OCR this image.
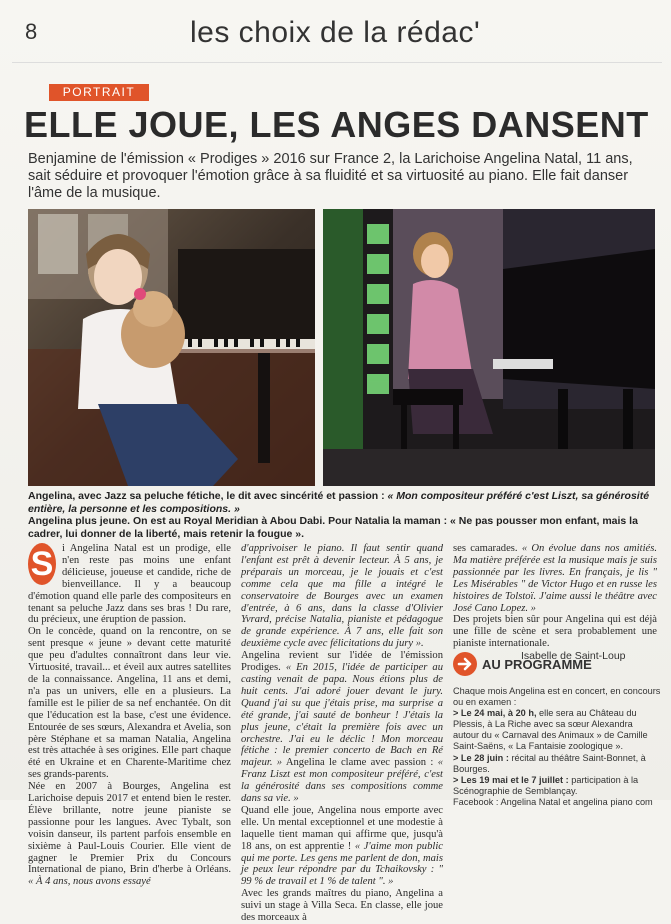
8	les choix de la rédac'
PORTRAIT
ELLE JOUE, LES ANGES DANSENT
Benjamine de l'émission « Prodiges » 2016 sur France 2, la Larichoise Angelina Natal, 11 ans, sait séduire et provoquer l'émotion grâce à sa fluidité et sa virtuosité au piano. Elle fait danser l'âme de la musique.
Angelina, avec Jazz sa peluche fétiche, le dit avec sincérité et passion : « Mon compositeur préféré c'est Liszt, sa générosité entière, la personne et les compositions. »
Angelina plus jeune. On est au Royal Meridian à Abou Dabi. Pour Natalia la maman : « Ne pas pousser mon enfant, mais la cadrer, lui donner de la liberté, mais retenir la fougue ».
S i Angelina Natal est un prodige, elle n'en reste pas moins une enfant délicieuse, joueuse et candide, riche de bienveillance. Il y a beaucoup d'émotion quand elle parle des compositeurs en tenant sa peluche Jazz dans ses bras ! Du rare, du précieux, une éruption de passion.

On le concède, quand on la rencontre, on se sent presque « jeune » devant cette maturité que peu d'adultes connaîtront dans leur vie. Virtuosité, travail... et éveil aux autres satellites de la connaissance. Angelina, 11 ans et demi, n'a pas un univers, elle en a plusieurs. La famille est le pilier de sa nef enchantée. On dit que l'éducation est la base, c'est une évidence. Entourée de ses sœurs, Alexandra et Avelia, son père Stéphane et sa maman Natalia, Angelina est très attachée à ses origines. Elle part chaque été en Ukraine et en Charente-Maritime chez ses grands-parents.

Née en 2007 à Bourges, Angelina est Larichoise depuis 2017 et entend bien le rester. Élève brillante, notre jeune pianiste se passionne pour les langues. Avec Tybalt, son voisin danseur, ils partent parfois ensemble en sixième à Paul-Louis Courier. Elle vient de gagner le Premier Prix du Concours International de piano, Brin d'herbe à Orléans. « À 4 ans, nous avons essayé

d'apprivoiser le piano. Il faut sentir quand l'enfant est prêt à devenir lecteur. À 5 ans, je préparais un morceau, je le jouais et c'est comme cela que ma fille a intégré le conservatoire de Bourges avec un examen d'entrée, à 6 ans, dans la classe d'Olivier Yvrard, précise Natalia, pianiste et pédagogue de grande expérience. À 7 ans, elle fait son deuxième cycle avec félicitations du jury ».

Angelina revient sur l'idée de l'émission Prodiges. « En 2015, l'idée de participer au casting venait de papa. Nous étions plus de huit cents. J'ai adoré jouer devant le jury. Quand j'ai su que j'étais prise, ma surprise a été grande, j'ai sauté de bonheur ! J'étais la plus jeune, c'était la première fois avec un orchestre. J'ai eu le déclic ! Mon morceau fétiche : le premier concerto de Bach en Ré majeur. » Angelina le clame avec passion : « Franz Liszt est mon compositeur préféré, c'est la générosité dans ses compositions comme dans sa vie. »

Quand elle joue, Angelina nous emporte avec elle. Un mental exceptionnel et une modestie à laquelle tient maman qui affirme que, jusqu'à 18 ans, on est apprentie ! « J'aime mon public qui me porte. Les gens me parlent de don, mais je peux leur répondre par du Tchaikovsky : " 99 % de travail et 1 % de talent ". »

Avec les grands maîtres du piano, Angelina a suivi un stage à Villa Seca. En classe, elle joue des morceaux à

ses camarades. « On évolue dans nos amitiés. Ma matière préférée est la musique mais je suis passionnée par les livres. En français, je lis " Les Misérables " de Victor Hugo et en russe les histoires de Tolstoï. J'aime aussi le théâtre avec José Cano Lopez. »

Des projets bien sûr pour Angelina qui est déjà une fille de scène et sera probablement une pianiste internationale.

Isabelle de Saint-Loup
AU PROGRAMME
Chaque mois Angelina est en concert, en concours ou en examen :
> Le 24 mai, à 20 h, elle sera au Château du Plessis, à La Riche avec sa sœur Alexandra autour du « Carnaval des Animaux » de Camille Saint-Saëns, « La Fantaisie zoologique ».
> Le 28 juin : récital au théâtre Saint-Bonnet, à Bourges.
> Les 19 mai et le 7 juillet : participation à la Scénographie de Semblançay.
Facebook : Angelina Natal et angelina piano com
